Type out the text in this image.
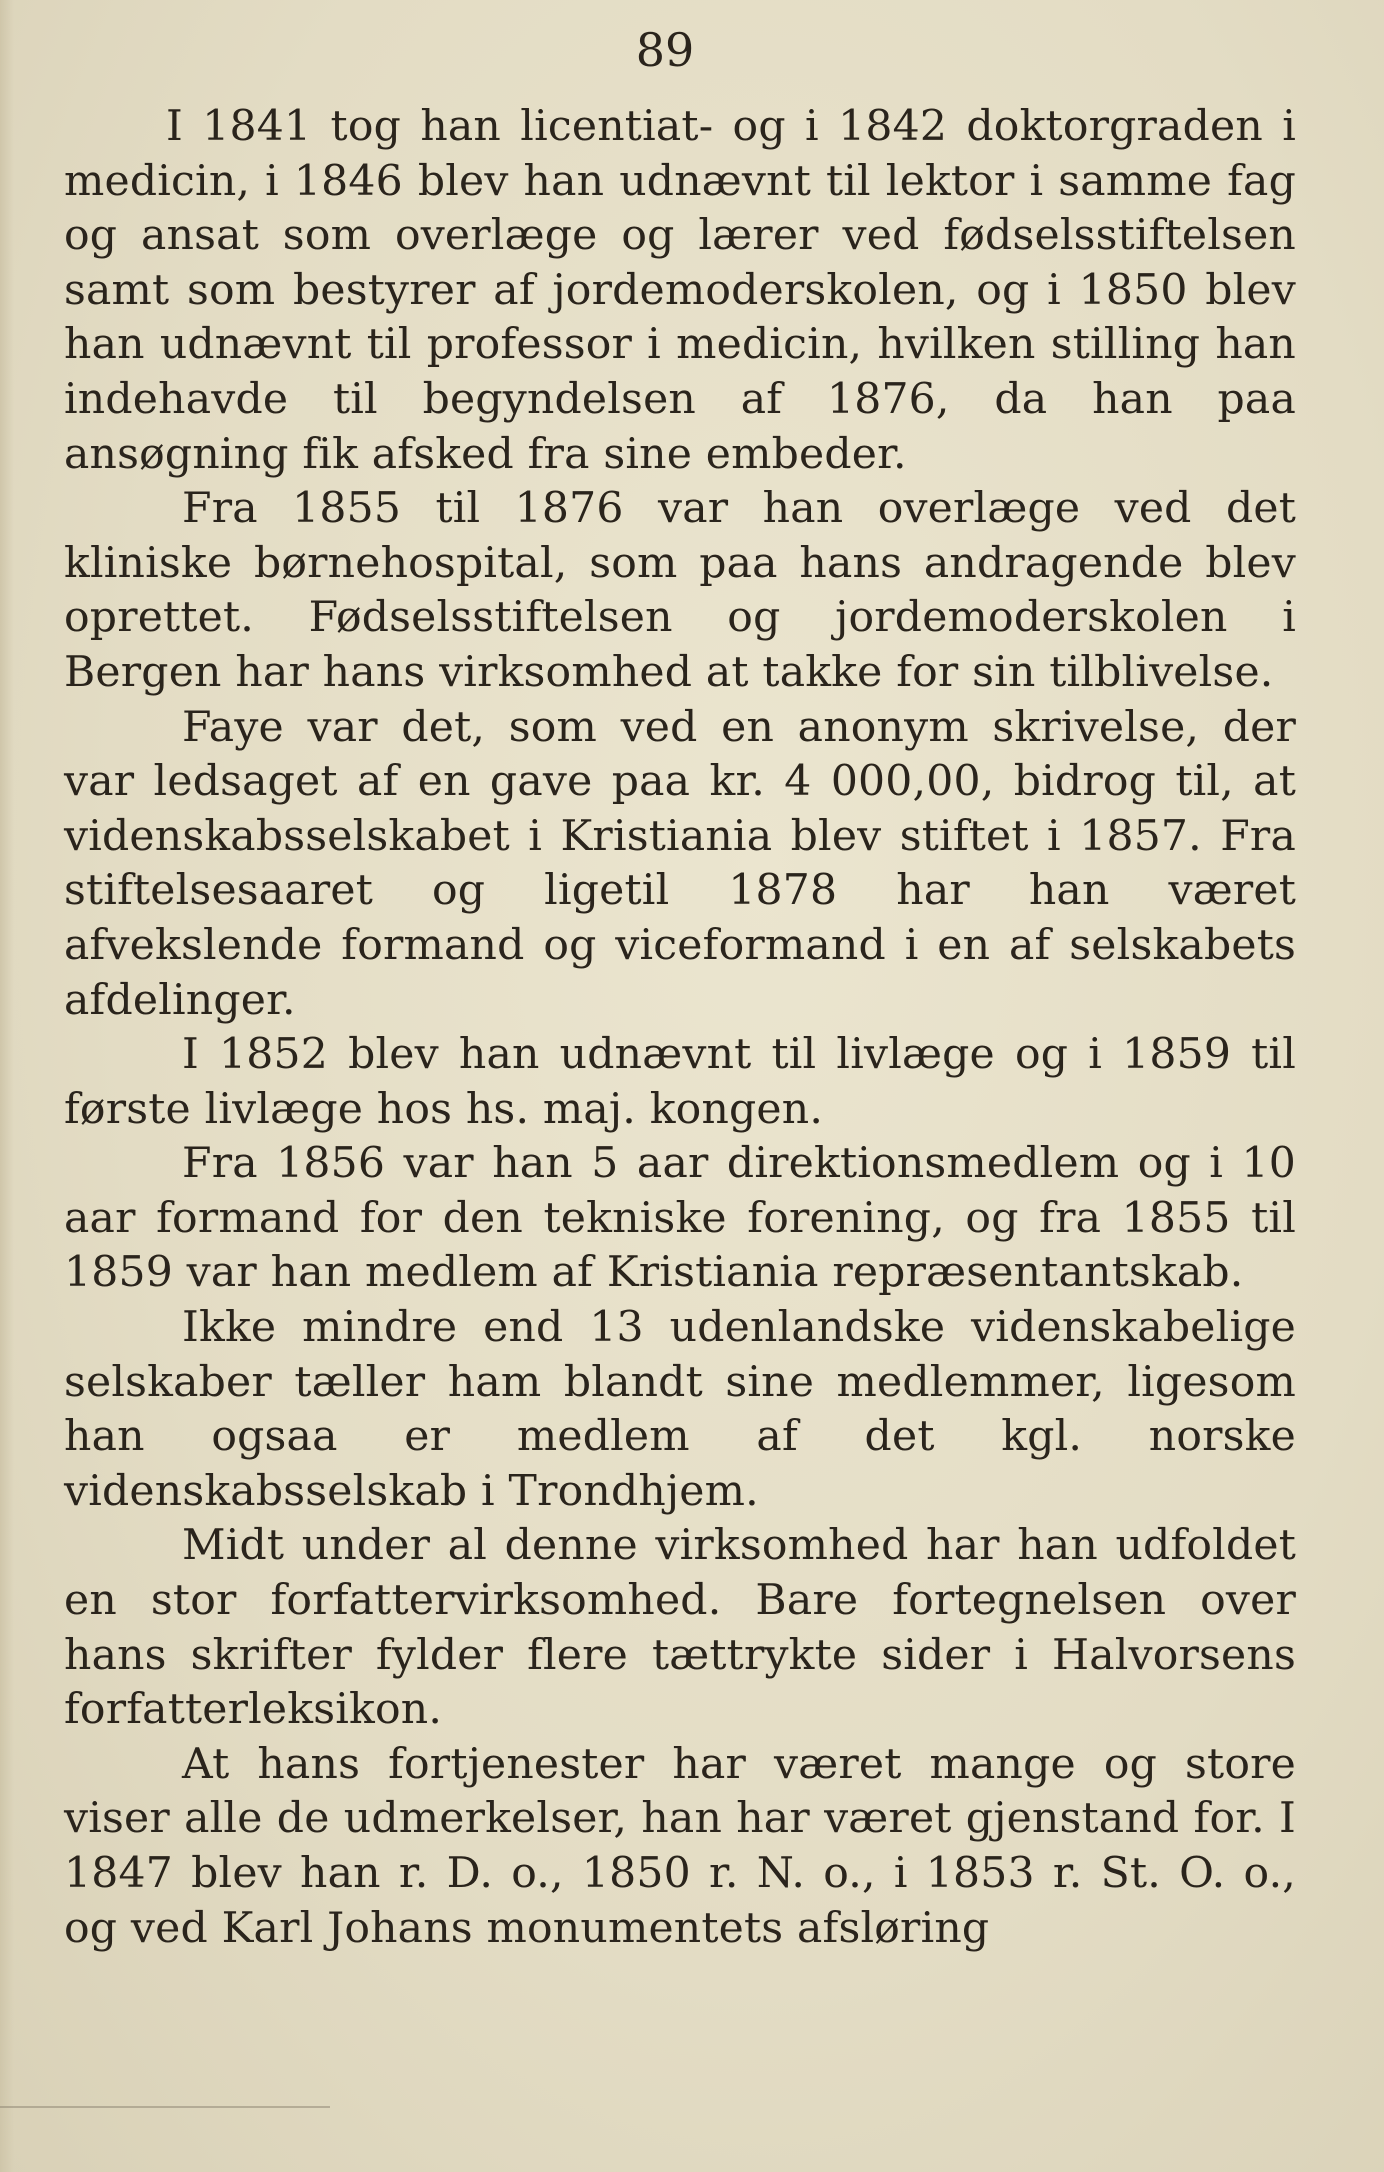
89

I 1841 tog han licentiat- og i 1842 doktorgraden i medicin, i 1846 blev han udnævnt til lektor i samme fag og ansat som overlæge og lærer ved fødselsstiftelsen samt som bestyrer af jordemoderskolen, og i 1850 blev han udnævnt til professor i medicin, hvilken stilling han indehavde til begyndelsen af 1876, da han paa ansøgning fik afsked fra sine embeder.

Fra 1855 til 1876 var han overlæge ved det kliniske børnehospital, som paa hans andragende blev oprettet. Fødselsstiftelsen og jordemoderskolen i Bergen har hans virksomhed at takke for sin tilblivelse.

Faye var det, som ved en anonym skrivelse, der var ledsaget af en gave paa kr. 4 000,00, bidrog til, at videnskabsselskabet i Kristiania blev stiftet i 1857. Fra stiftelsesaaret og ligetil 1878 har han været afvekslende formand og viceformand i en af selskabets afdelinger.

I 1852 blev han udnævnt til livlæge og i 1859 til første livlæge hos hs. maj. kongen.

Fra 1856 var han 5 aar direktionsmedlem og i 10 aar formand for den tekniske forening, og fra 1855 til 1859 var han medlem af Kristiania repræsentantskab.

Ikke mindre end 13 udenlandske videnskabelige selskaber tæller ham blandt sine medlemmer, ligesom han ogsaa er medlem af det kgl. norske videnskabsselskab i Trondhjem.

Midt under al denne virksomhed har han udfoldet en stor forfattervirksomhed. Bare fortegnelsen over hans skrifter fylder flere tættrykte sider i Halvorsens forfatterleksikon.

At hans fortjenester har været mange og store viser alle de udmerkelser, han har været gjenstand for. I 1847 blev han r. D. o., 1850 r. N. o., i 1853 r. St. O. o., og ved Karl Johans monumentets afsløring
